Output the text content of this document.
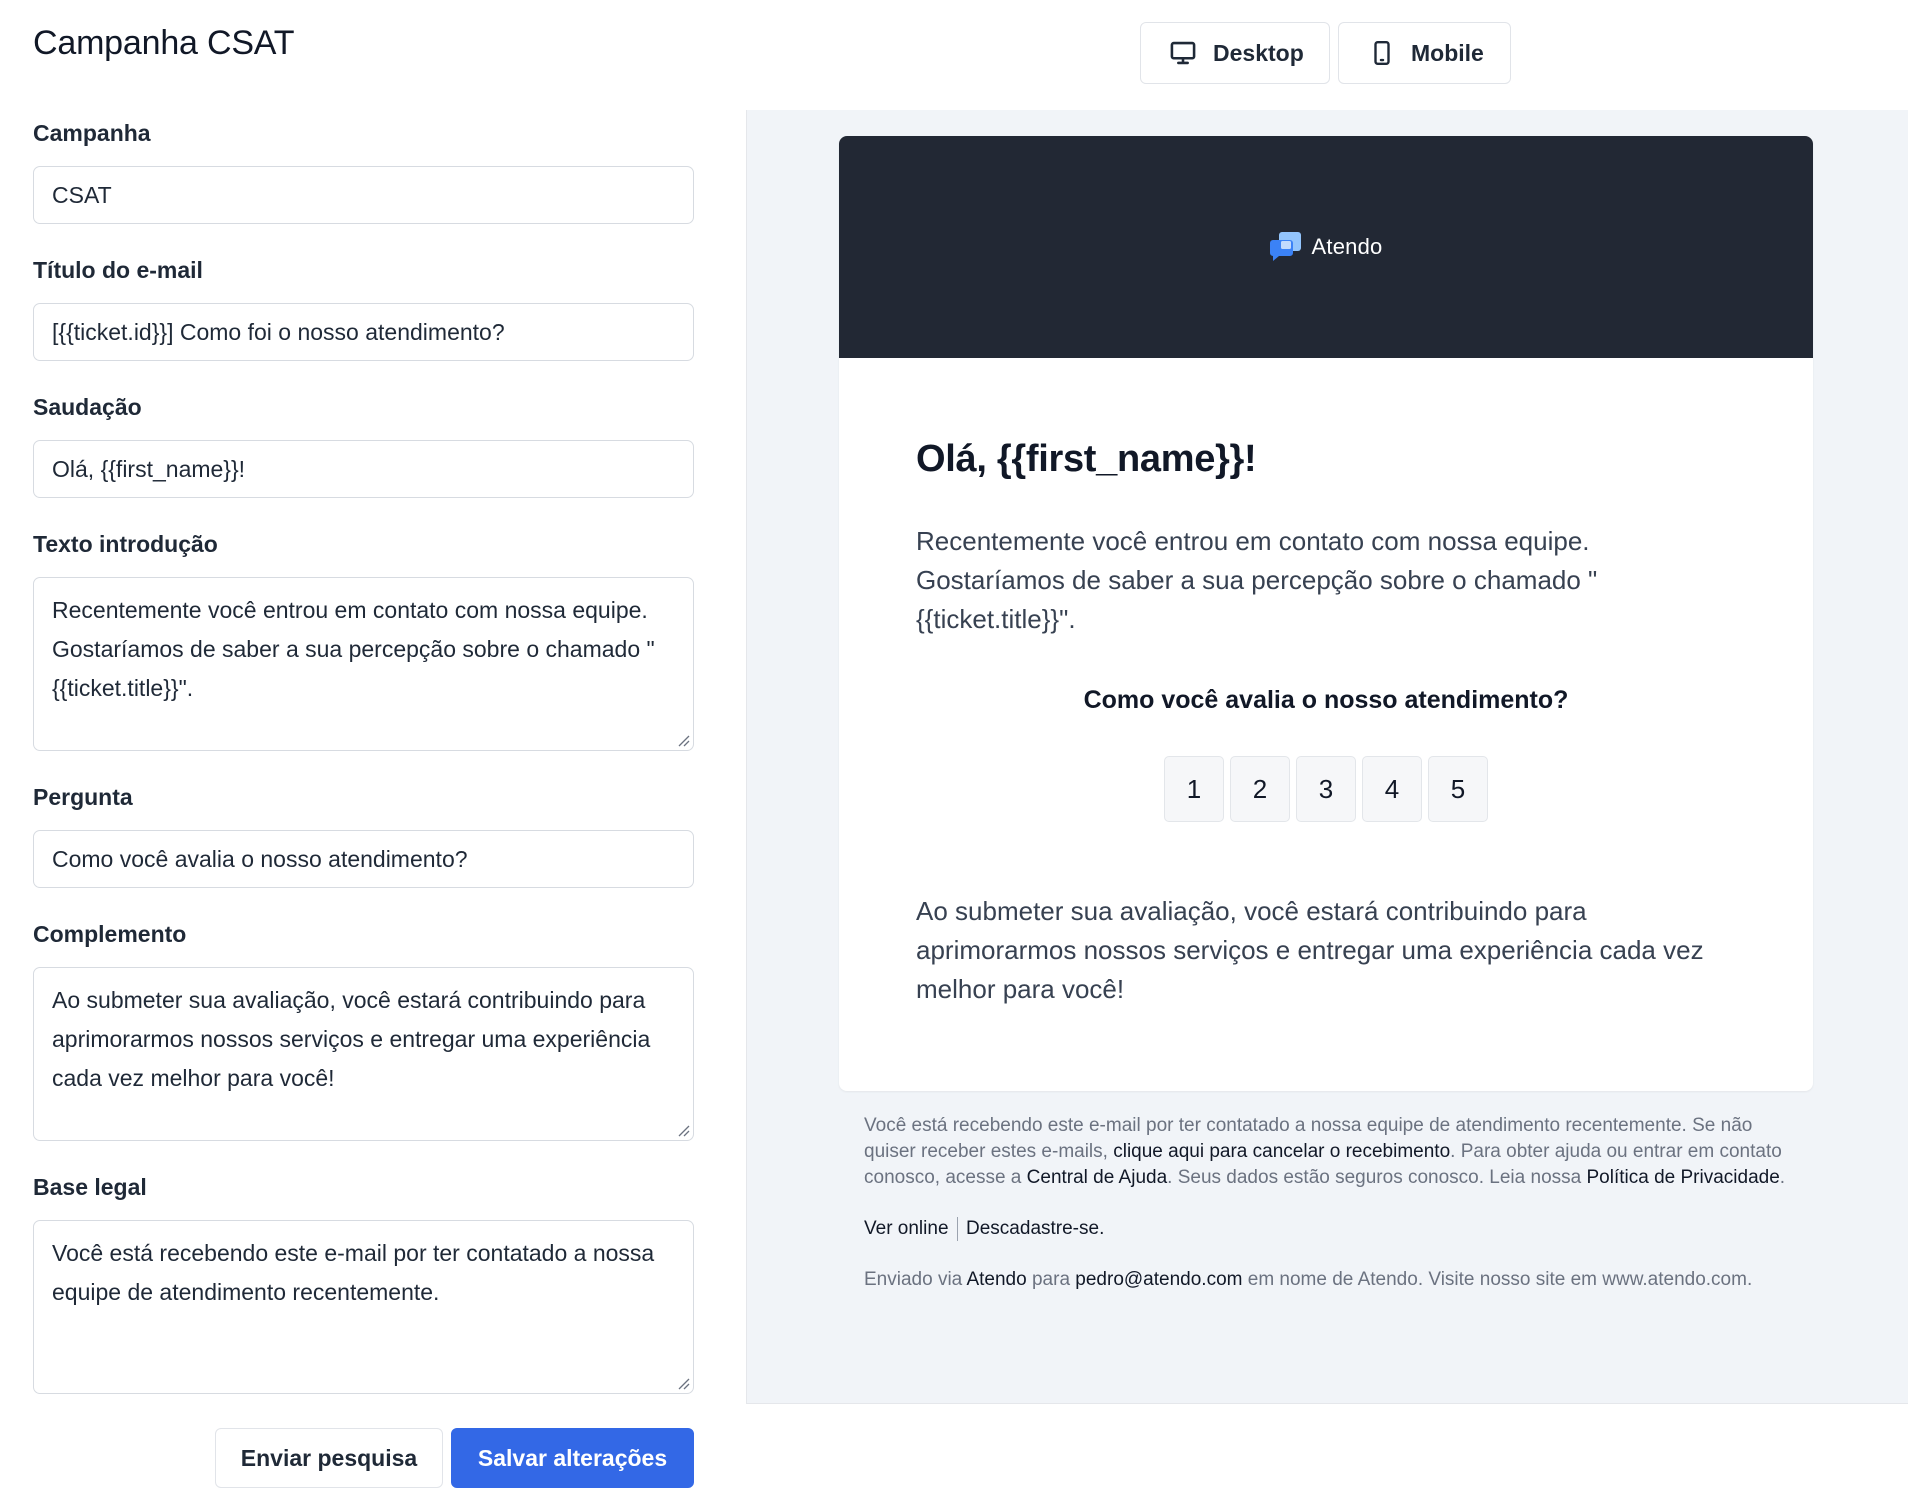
Campanha CSAT	Desktop	Mobile
Campanha
CSAT
Título do e-mail
[{{ticket.id}}] Como foi o nosso atendimento?
Saudação
Olá, {{first_name}}!
Texto introdução
Recentemente você entrou em contato com nossa equipe. Gostaríamos de saber a sua percepção sobre o chamado "{{ticket.title}}".
Pergunta
Como você avalia o nosso atendimento?
Complemento
Ao submeter sua avaliação, você estará contribuindo para aprimorarmos nossos serviços e entregar uma experiência cada vez melhor para você!
Base legal
Você está recebendo este e-mail por ter contatado a nossa equipe de atendimento recentemente.
Enviar pesquisa	Salvar alterações
Atendo
Olá, {{first_name}}!
Recentemente você entrou em contato com nossa equipe.
Gostaríamos de saber a sua percepção sobre o chamado "
{{ticket.title}}".
Como você avalia o nosso atendimento?
1	2	3	4	5
Ao submeter sua avaliação, você estará contribuindo para aprimorarmos nossos serviços e entregar uma experiência cada vez melhor para você!
Você está recebendo este e-mail por ter contatado a nossa equipe de atendimento recentemente. Se não quiser receber estes e-mails, clique aqui para cancelar o recebimento. Para obter ajuda ou entrar em contato conosco, acesse a Central de Ajuda. Seus dados estão seguros conosco. Leia nossa Política de Privacidade.
Ver online Descadastre-se.
Enviado via Atendo para pedro@atendo.com em nome de Atendo. Visite nosso site em www.atendo.com.
